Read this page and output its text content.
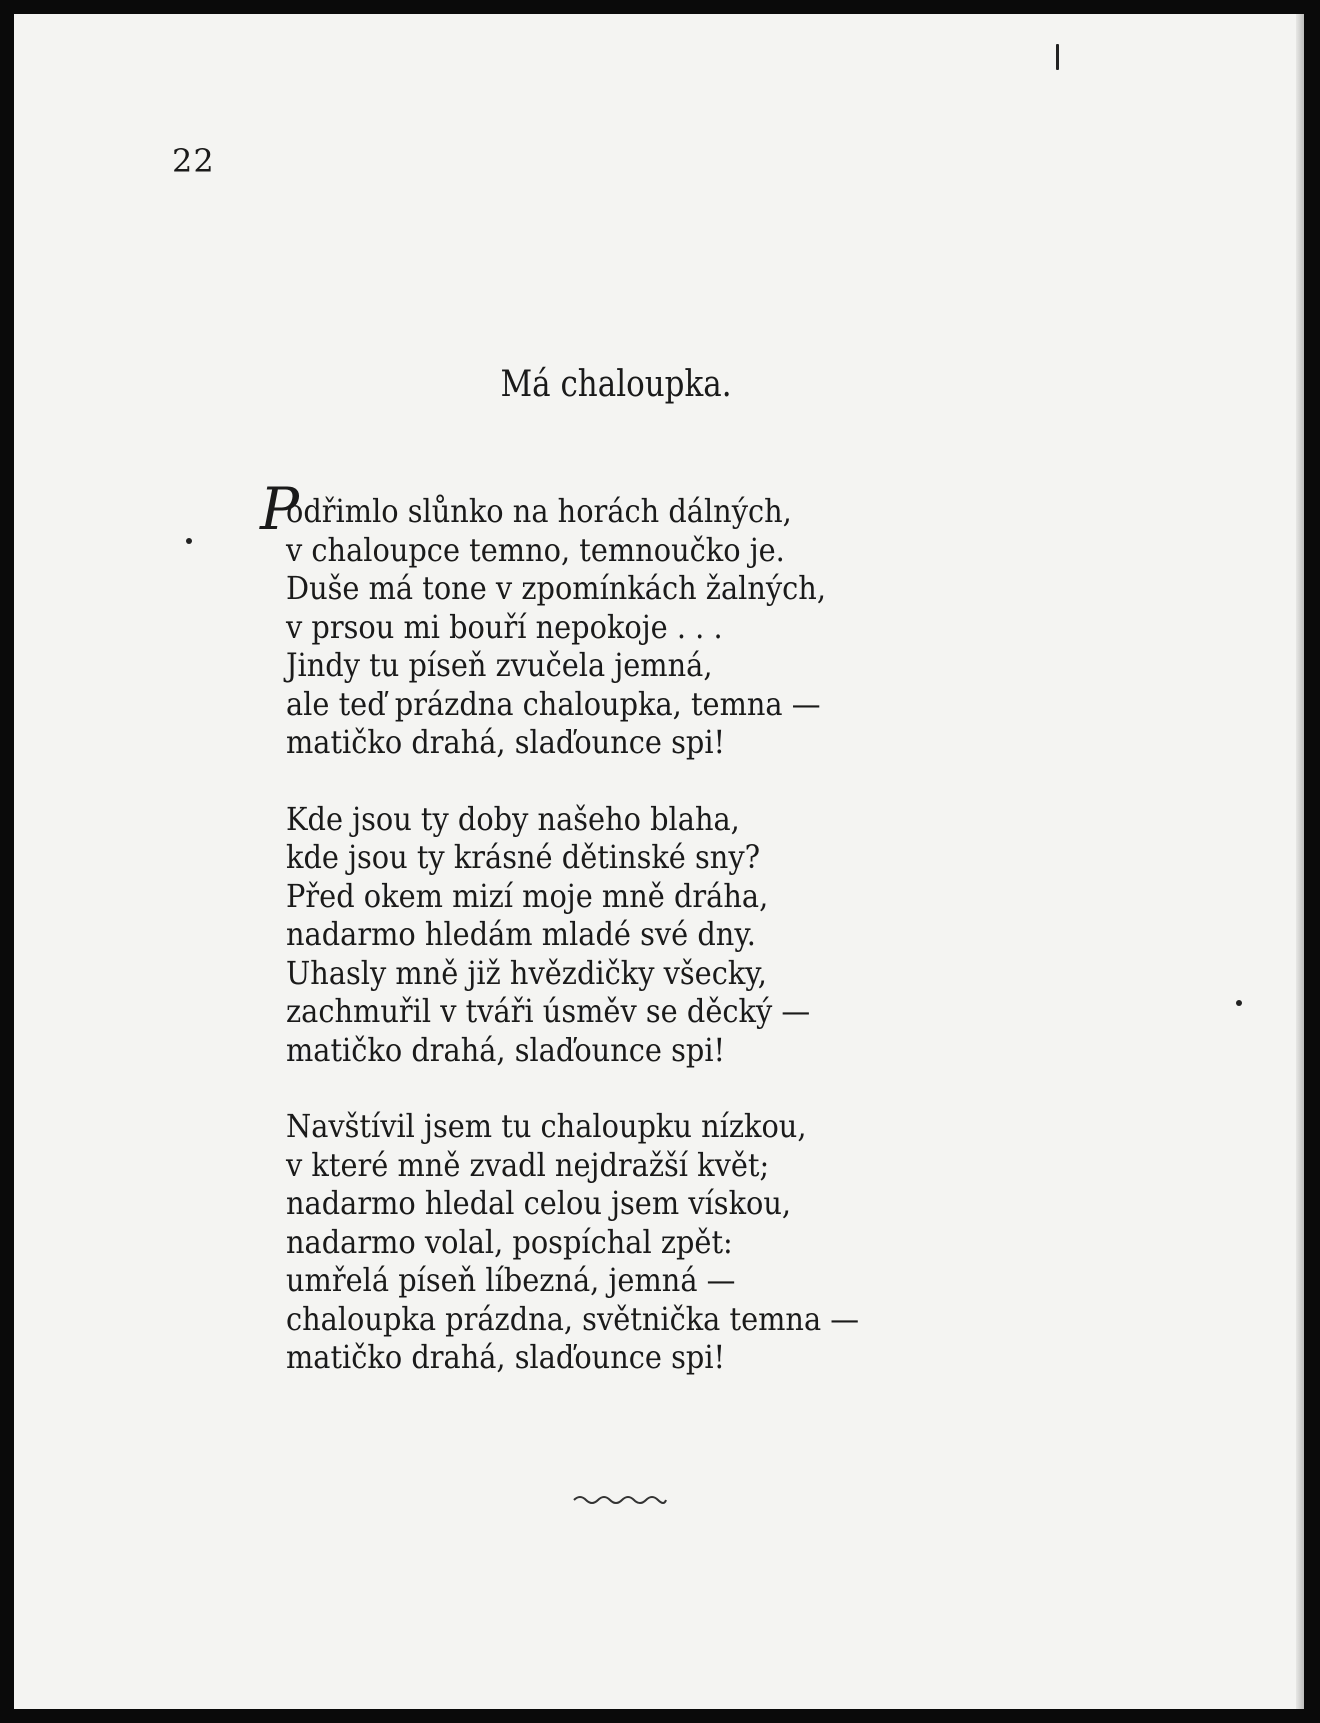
22
Má chaloupka.
P
odřimlo slůnko na horách dálných,
v chaloupce temno, temnoučko je.
Duše má tone v zpomínkách žalných,
v prsou mi bouří nepokoje . . .
Jindy tu píseň zvučela jemná,
ale teď prázdna chaloupka, temna —
matičko drahá, slaďounce spi!
Kde jsou ty doby našeho blaha,
kde jsou ty krásné dětinské sny?
Před okem mizí moje mně dráha,
nadarmo hledám mladé své dny.
Uhasly mně již hvězdičky všecky,
zachmuřil v tváři úsměv se děcký —
matičko drahá, slaďounce spi!
Navštívil jsem tu chaloupku nízkou,
v které mně zvadl nejdražší květ;
nadarmo hledal celou jsem vískou,
nadarmo volal, pospíchal zpět:
umřelá píseň líbezná, jemná —
chaloupka prázdna, světnička temna —
matičko drahá, slaďounce spi!
